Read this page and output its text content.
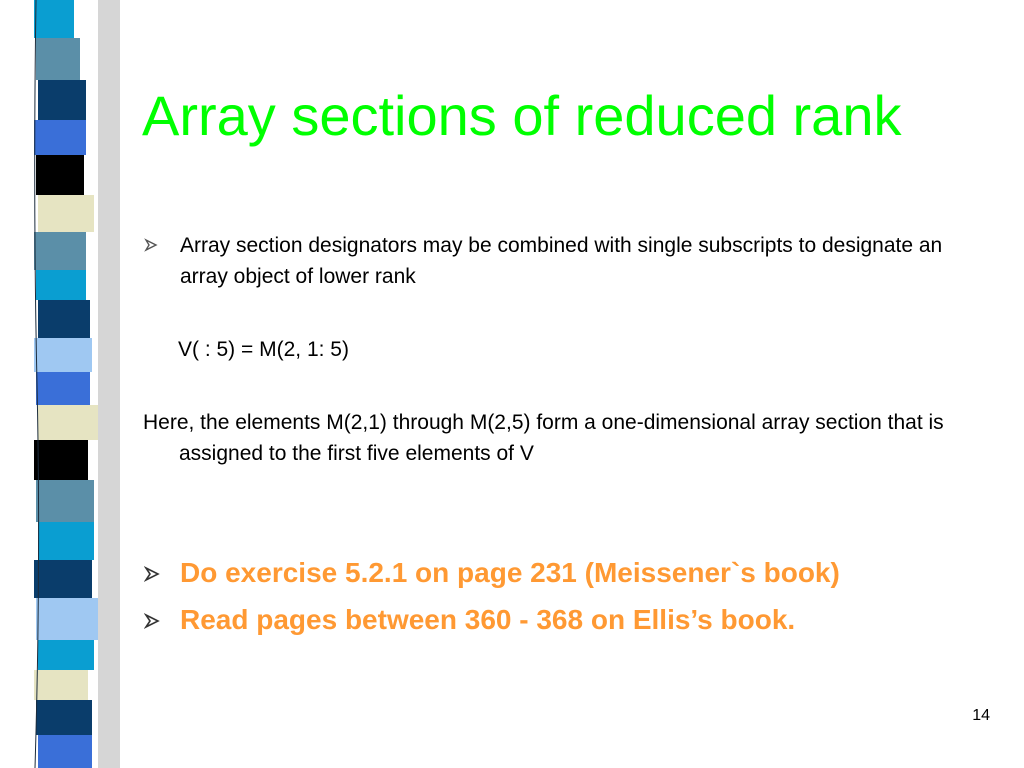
Array sections of reduced rank
Array section designators may be combined with single subscripts to designate an array object of lower rank
V( : 5) = M(2, 1: 5)
Here, the elements M(2,1) through M(2,5) form a one-dimensional array section that is assigned to the first five elements of V
Do exercise 5.2.1 on page 231 (Meissener`s book)
Read pages between 360 - 368 on Ellis’s book.
14
